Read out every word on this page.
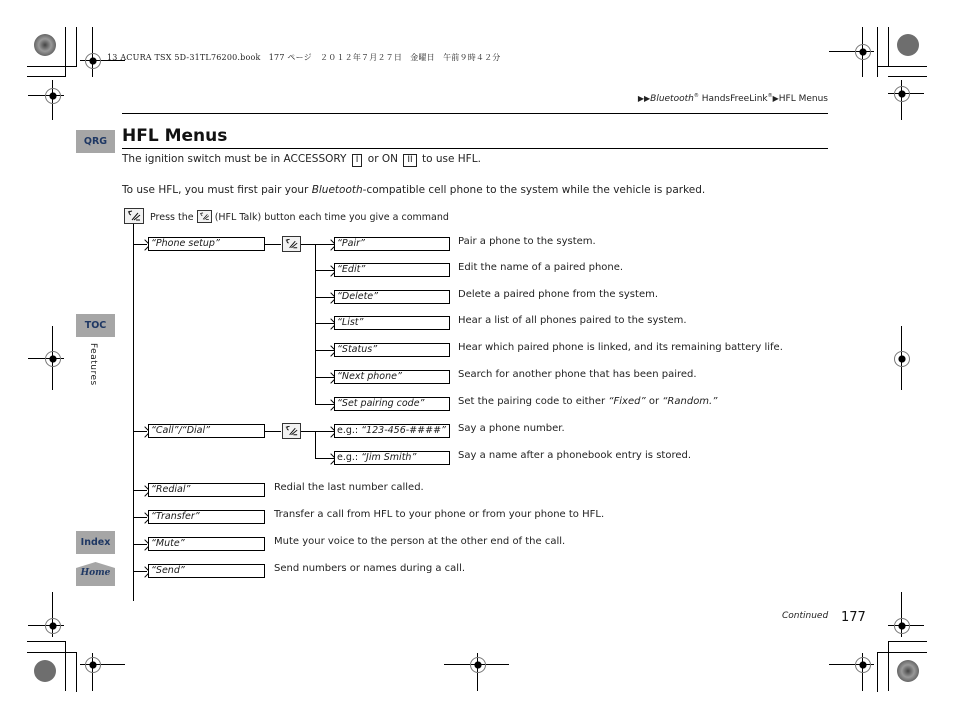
13 ACURA TSX 5D-31TL76200.book   177 ページ   ２０１２年７月２７日   金曜日   午前９時４２分
▶▶Bluetooth® HandsFreeLink®▶HFL Menus
QRG
TOC
Features
Index
Home
HFL Menus
The ignition switch must be in ACCESSORY I or ON II to use HFL.
To use HFL, you must first pair your Bluetooth-compatible cell phone to the system while the vehicle is parked.
Press the (HFL Talk) button each time you give a command
“Phone setup”
“Call”/“Dial”
“Redial”	Redial the last number called.
“Transfer”	Transfer a call from HFL to your phone or from your phone to HFL.
“Mute”	Mute your voice to the person at the other end of the call.
“Send”	Send numbers or names during a call.
“Pair”	Pair a phone to the system.
“Edit”	Edit the name of a paired phone.
“Delete”	Delete a paired phone from the system.
“List”	Hear a list of all phones paired to the system.
“Status”	Hear which paired phone is linked, and its remaining battery life.
“Next phone”	Search for another phone that has been paired.
“Set pairing code”	Set the pairing code to either “Fixed” or “Random.”
e.g.: “123-456-####”	Say a phone number.
e.g.: “Jim Smith”	Say a name after a phonebook entry is stored.
Continued 177
